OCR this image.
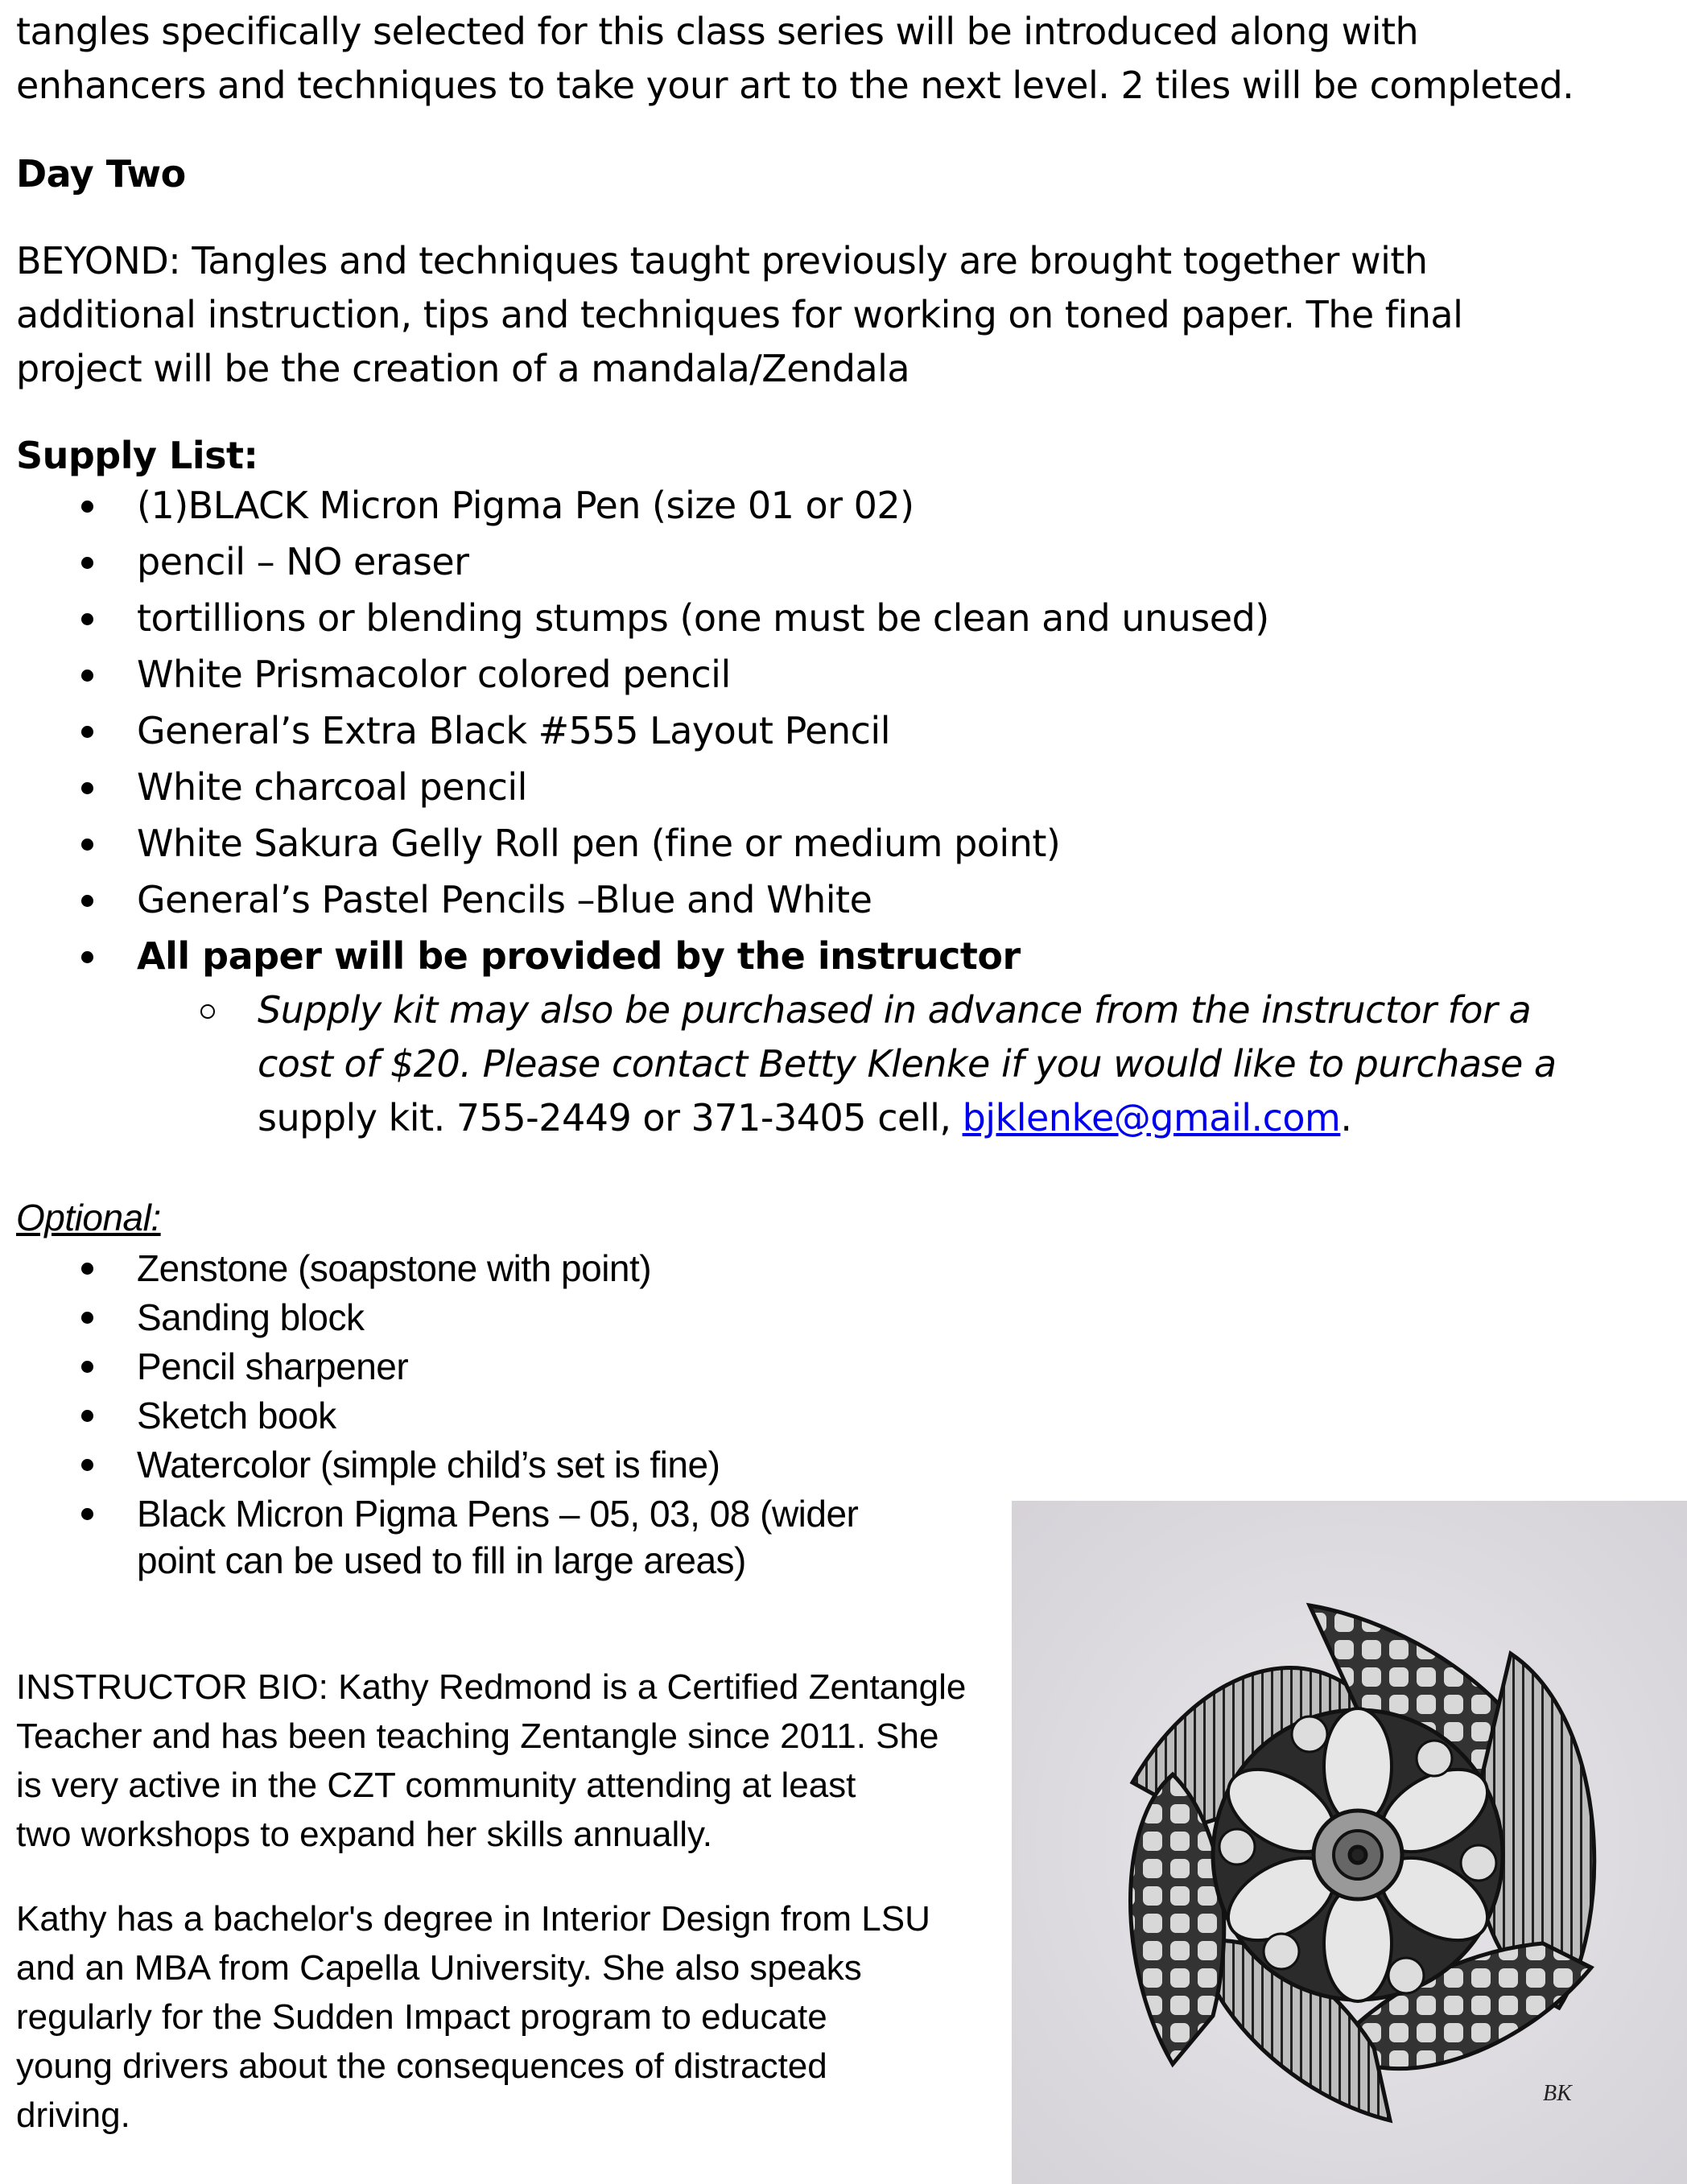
tangles specifically selected for this class series will be introduced along with
enhancers and techniques to take your art to the next level. 2 tiles will be completed.
Day Two
BEYOND: Tangles and techniques taught previously are brought together with
additional instruction, tips and techniques for working on toned paper. The final
project will be the creation of a mandala/Zendala
Supply List:
(1)BLACK Micron Pigma Pen (size 01 or 02)
pencil – NO eraser
tortillions or blending stumps (one must be clean and unused)
White Prismacolor colored pencil
General’s Extra Black #555 Layout Pencil
White charcoal pencil
White Sakura Gelly Roll pen (fine or medium point)
General’s Pastel Pencils –Blue and White
All paper will be provided by the instructor
Supply kit may also be purchased in advance from the instructor for a
cost of $20. Please contact Betty Klenke if you would like to purchase a
supply kit. 755-2449 or 371-3405 cell, bjklenke@gmail.com.
Optional:
Zenstone (soapstone with point)
Sanding block
Pencil sharpener
Sketch book
Watercolor (simple child’s set is fine)
Black Micron Pigma Pens – 05, 03, 08 (wider
point can be used to fill in large areas)
INSTRUCTOR BIO: Kathy Redmond is a Certified Zentangle
Teacher and has been teaching Zentangle since 2011. She
is very active in the CZT community attending at least
two workshops to expand her skills annually.
Kathy has a bachelor's degree in Interior Design from LSU
and an MBA from Capella University. She also speaks
regularly for the Sudden Impact program to educate
young drivers about the consequences of distracted
driving.
BK
